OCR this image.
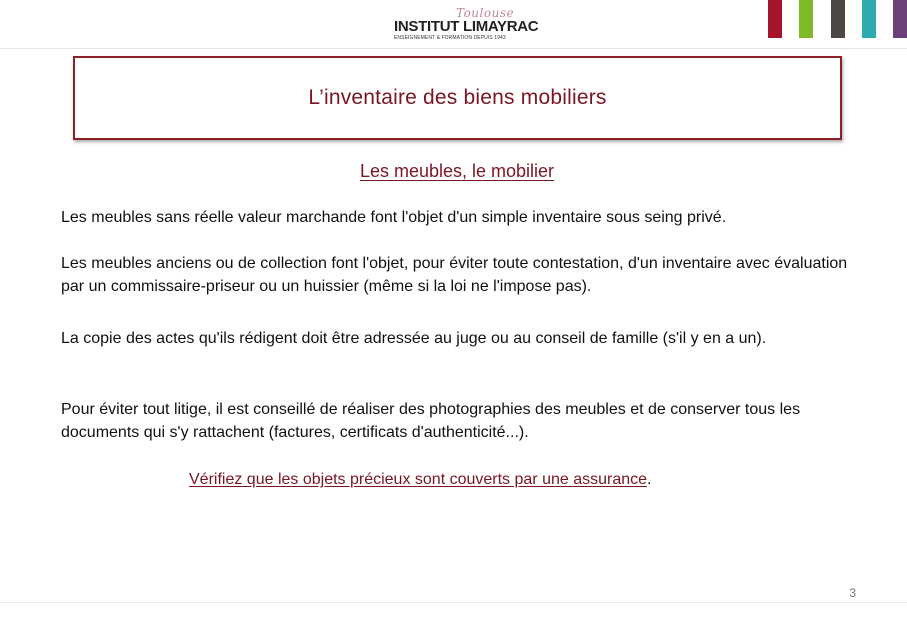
Toulouse
INSTITUT LIMAYRAC
ENSEIGNEMENT & FORMATION DEPUIS 1943
L’inventaire des biens mobiliers
Les meubles, le mobilier
Les meubles sans réelle valeur marchande font l'objet d'un simple inventaire sous seing privé.
Les meubles anciens ou de collection font l'objet, pour éviter toute contestation, d'un inventaire avec évaluation par un commissaire-priseur ou un huissier (même si la loi ne l'impose pas).
La copie des actes qu'ils rédigent doit être adressée au juge ou au conseil de famille (s'il y en a un).
Pour éviter tout litige, il est conseillé de réaliser des photographies des meubles et de conserver tous les documents qui s'y rattachent (factures, certificats d'authenticité...).
Vérifiez que les objets précieux sont couverts par une assurance.
3
